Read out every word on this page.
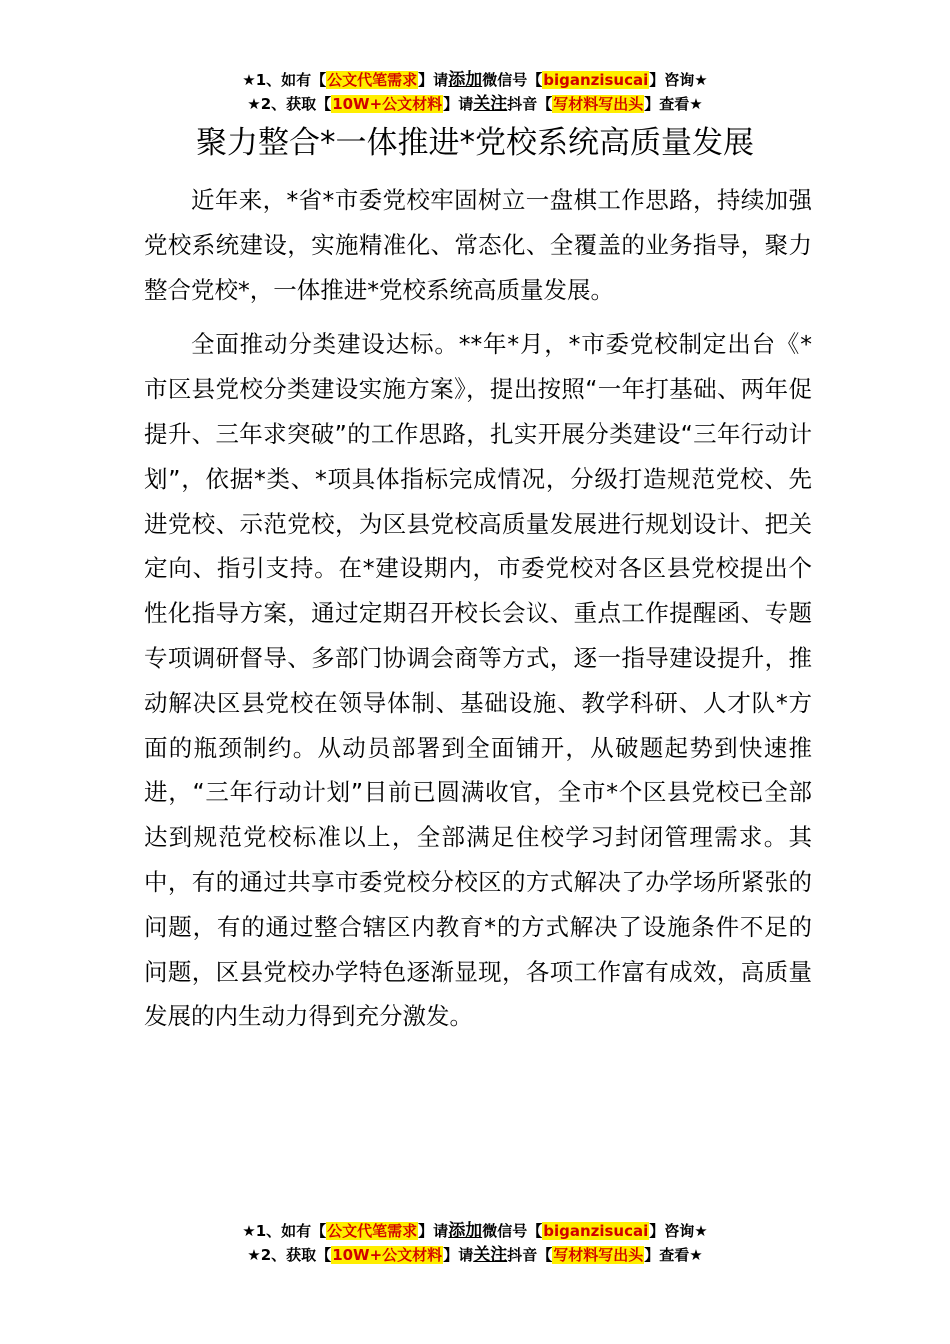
★1、如有【公文代笔需求】请添加微信号【biganzisucai】咨询★
★2、获取【10W+公文材料】请关注抖音【写材料写出头】查看★
聚力整合*一体推进*党校系统高质量发展

近年来，*省*市委党校牢固树立一盘棋工作思路，持续加强党校系统建设，实施精准化、常态化、全覆盖的业务指导，聚力整合党校*，一体推进*党校系统高质量发展。

全面推动分类建设达标。**年*月，*市委党校制定出台《*市区县党校分类建设实施方案》，提出按照“一年打基础、两年促提升、三年求突破”的工作思路，扎实开展分类建设“三年行动计划”，依据*类、*项具体指标完成情况，分级打造规范党校、先进党校、示范党校，为区县党校高质量发展进行规划设计、把关定向、指引支持。在*建设期内，市委党校对各区县党校提出个性化指导方案，通过定期召开校长会议、重点工作提醒函、专题专项调研督导、多部门协调会商等方式，逐一指导建设提升，推动解决区县党校在领导体制、基础设施、教学科研、人才队*方面的瓶颈制约。从动员部署到全面铺开，从破题起势到快速推进，“三年行动计划”目前已圆满收官，全市*个区县党校已全部达到规范党校标准以上，全部满足住校学习封闭管理需求。其中，有的通过共享市委党校分校区的方式解决了办学场所紧张的问题，有的通过整合辖区内教育*的方式解决了设施条件不足的问题，区县党校办学特色逐渐显现，各项工作富有成效，高质量发展的内生动力得到充分激发。

★1、如有【公文代笔需求】请添加微信号【biganzisucai】咨询★
★2、获取【10W+公文材料】请关注抖音【写材料写出头】查看★
